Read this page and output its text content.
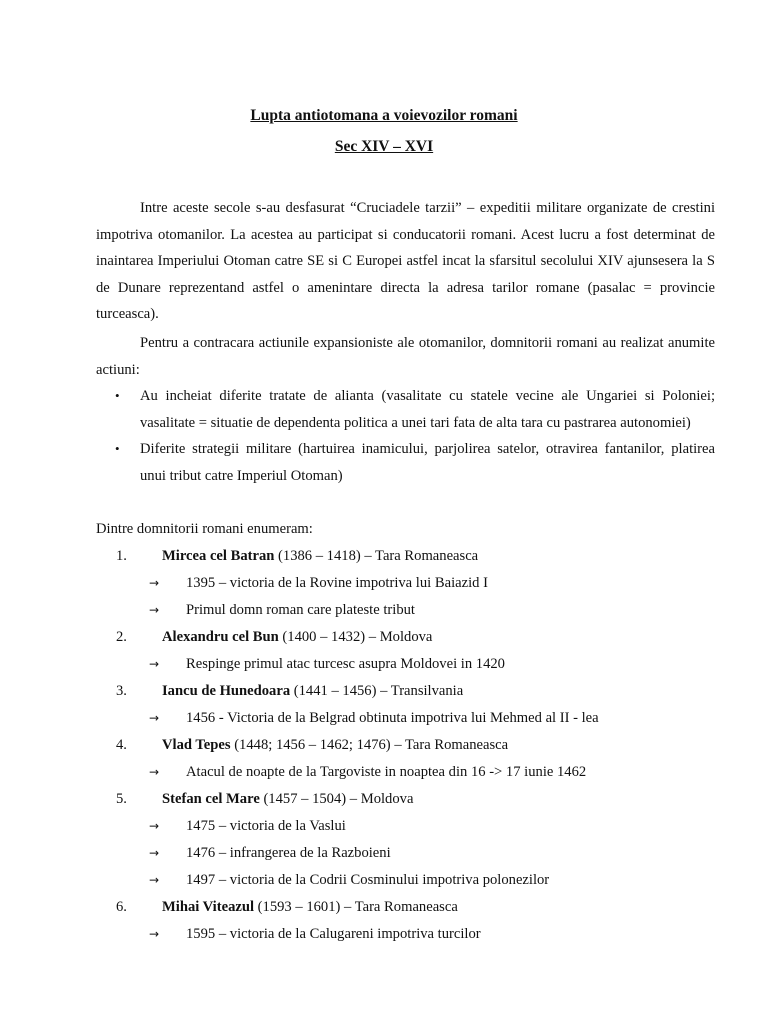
Lupta antiotomana a voievozilor romani
Sec XIV – XVI

Intre aceste secole s-au desfasurat “Cruciadele tarzii” – expeditii militare organizate de crestini impotriva otomanilor. La acestea au participat si conducatorii romani. Acest lucru a fost determinat de inaintarea Imperiului Otoman catre SE si C Europei astfel incat la sfarsitul secolului XIV ajunsesera la S de Dunare reprezentand astfel o amenintare directa la adresa tarilor romane (pasalac = provincie turceasca).

Pentru a contracara actiunile expansioniste ale otomanilor, domnitorii romani au realizat anumite actiuni:

• Au incheiat diferite tratate de alianta (vasalitate cu statele vecine ale Ungariei si Poloniei; vasalitate = situatie de dependenta politica a unei tari fata de alta tara cu pastrarea autonomiei)
• Diferite strategii militare (hartuirea inamicului, parjolirea satelor, otravirea fantanilor, platirea unui tribut catre Imperiul Otoman)
Dintre domnitorii romani enumeram:
1. Mircea cel Batran (1386 – 1418) – Tara Romaneasca
→ 1395 – victoria de la Rovine impotriva lui Baiazid I
→ Primul domn roman care plateste tribut
2. Alexandru cel Bun (1400 – 1432) – Moldova
→ Respinge primul atac turcesc asupra Moldovei in 1420
3. Iancu de Hunedoara (1441 – 1456) – Transilvania
→ 1456 - Victoria de la Belgrad obtinuta impotriva lui Mehmed al II - lea
4. Vlad Tepes (1448; 1456 – 1462; 1476) – Tara Romaneasca
→ Atacul de noapte de la Targoviste in noaptea din 16 -> 17 iunie 1462
5. Stefan cel Mare (1457 – 1504) – Moldova
→ 1475 – victoria de la Vaslui
→ 1476 – infrangerea de la Razboieni
→ 1497 – victoria de la Codrii Cosminului impotriva polonezilor
6. Mihai Viteazul (1593 – 1601) – Tara Romaneasca
→ 1595 – victoria de la Calugareni impotriva turcilor
